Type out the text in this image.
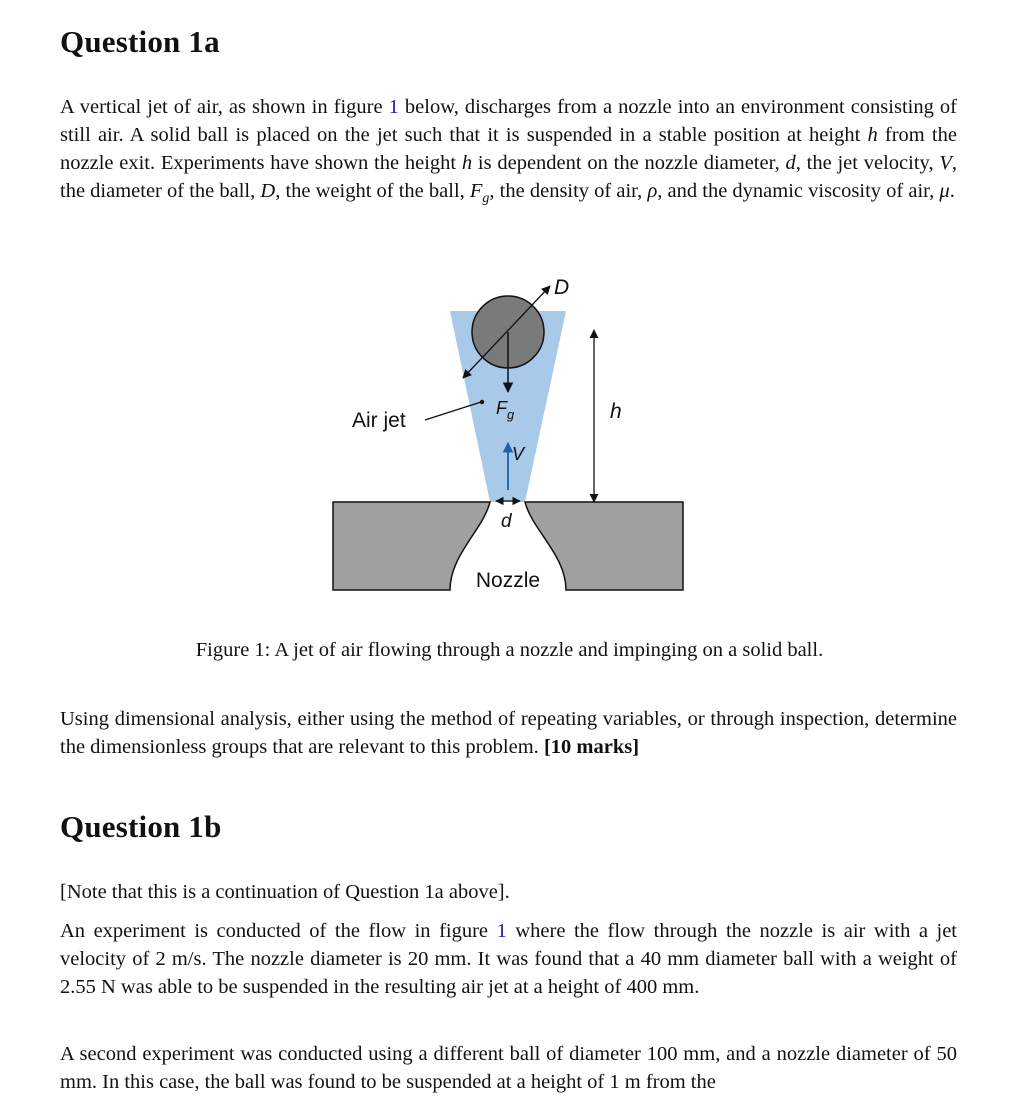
Question 1a

A vertical jet of air, as shown in figure 1 below, discharges from a nozzle into an environment consisting of still air. A solid ball is placed on the jet such that it is suspended in a stable position at height h from the nozzle exit. Experiments have shown the height h is dependent on the nozzle diameter, d, the jet velocity, V, the diameter of the ball, D, the weight of the ball, $F_g$, the density of air, ρ, and the dynamic viscosity of air, μ.

D
h
Air jet
$F_g$
V
d
Nozzle

Figure 1: A jet of air flowing through a nozzle and impinging on a solid ball.

Using dimensional analysis, either using the method of repeating variables, or through inspection, determine the dimensionless groups that are relevant to this problem. [10 marks]

Question 1b

[Note that this is a continuation of Question 1a above].

An experiment is conducted of the flow in figure 1 where the flow through the nozzle is air with a jet velocity of 2 m/s. The nozzle diameter is 20 mm. It was found that a 40 mm diameter ball with a weight of 2.55 N was able to be suspended in the resulting air jet at a height of 400 mm.

A second experiment was conducted using a different ball of diameter 100 mm, and a nozzle diameter of 50 mm. In this case, the ball was found to be suspended at a height of 1 m from the
